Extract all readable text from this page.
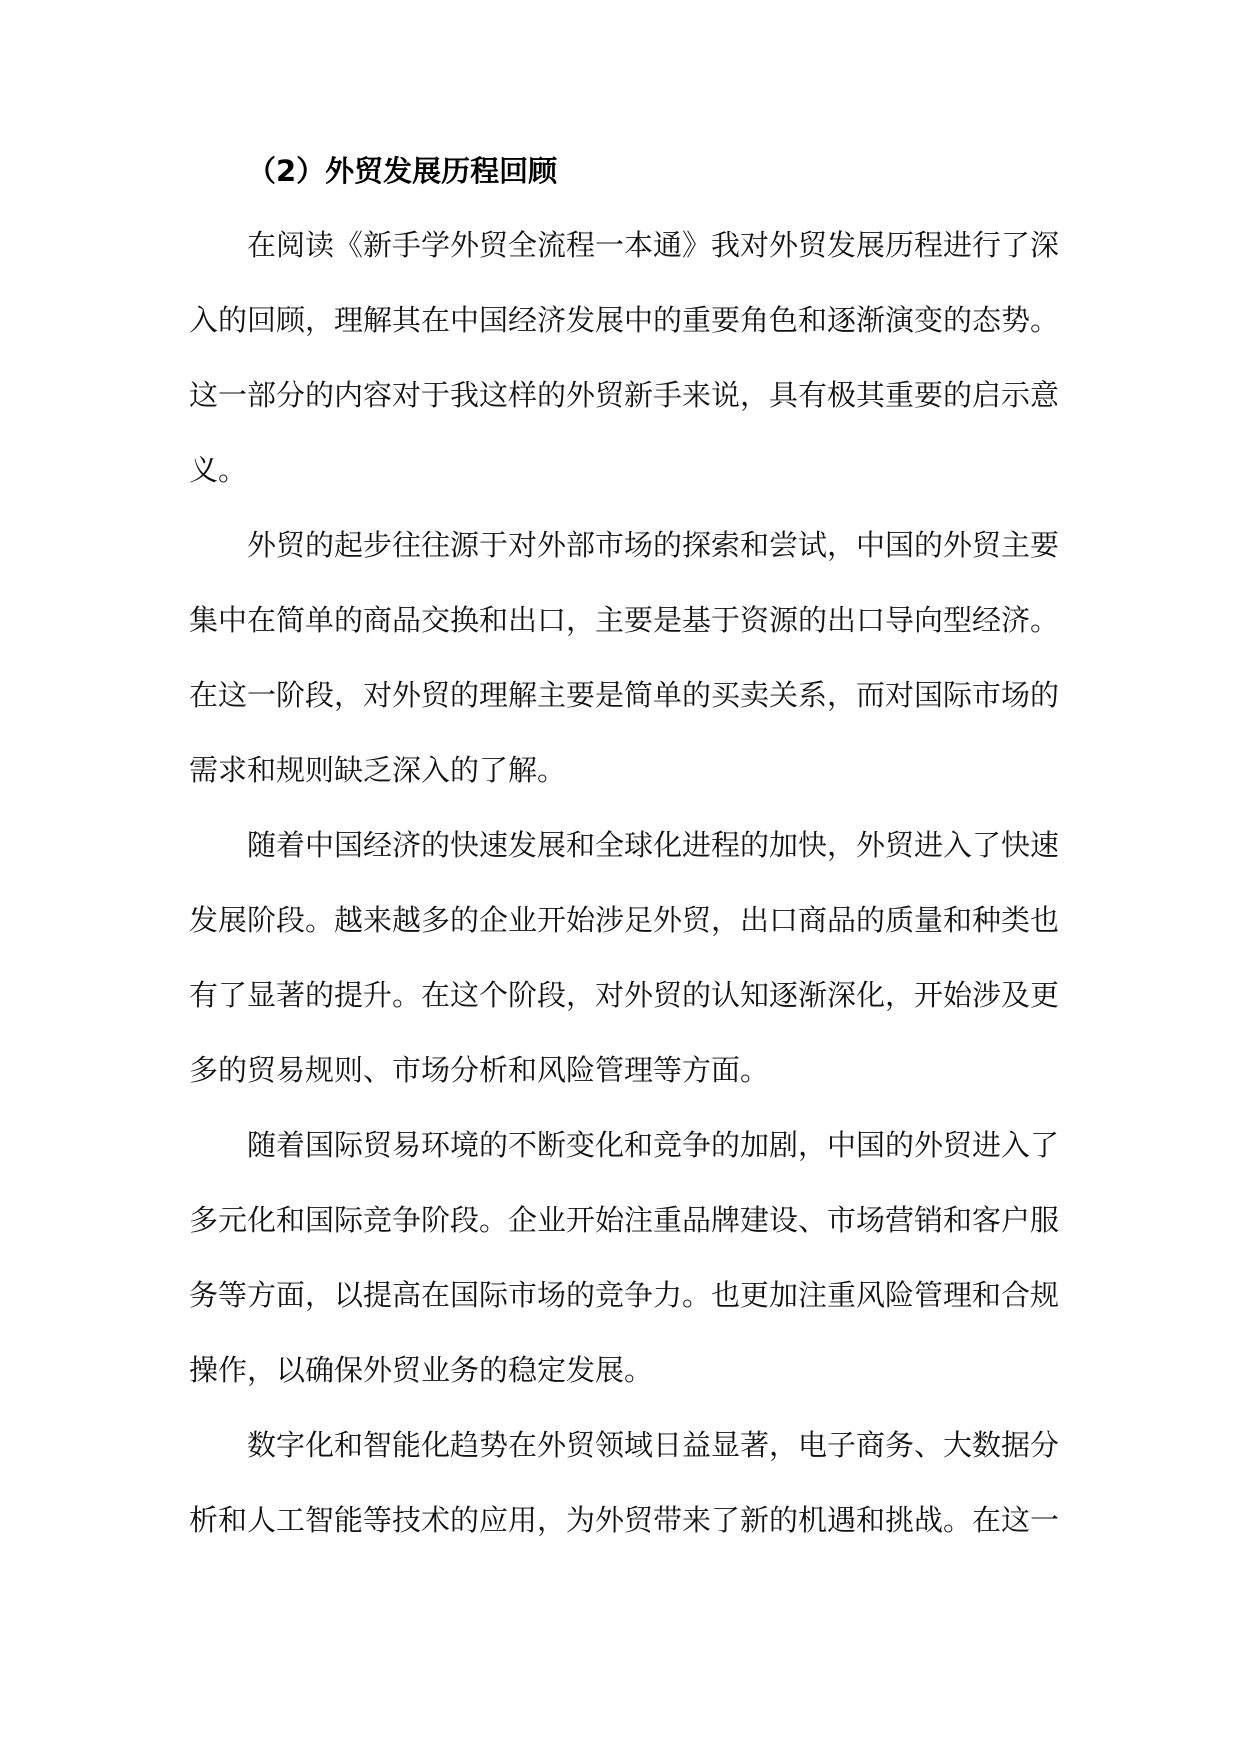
（2）外贸发展历程回顾

在阅读《新手学外贸全流程一本通》我对外贸发展历程进行了深
入的回顾，理解其在中国经济发展中的重要角色和逐渐演变的态势。
这一部分的内容对于我这样的外贸新手来说，具有极其重要的启示意
义。

外贸的起步往往源于对外部市场的探索和尝试，中国的外贸主要
集中在简单的商品交换和出口，主要是基于资源的出口导向型经济。
在这一阶段，对外贸的理解主要是简单的买卖关系，而对国际市场的
需求和规则缺乏深入的了解。

随着中国经济的快速发展和全球化进程的加快，外贸进入了快速
发展阶段。越来越多的企业开始涉足外贸，出口商品的质量和种类也
有了显著的提升。在这个阶段，对外贸的认知逐渐深化，开始涉及更
多的贸易规则、市场分析和风险管理等方面。

随着国际贸易环境的不断变化和竞争的加剧，中国的外贸进入了
多元化和国际竞争阶段。企业开始注重品牌建设、市场营销和客户服
务等方面，以提高在国际市场的竞争力。也更加注重风险管理和合规
操作，以确保外贸业务的稳定发展。

数字化和智能化趋势在外贸领域日益显著，电子商务、大数据分
析和人工智能等技术的应用，为外贸带来了新的机遇和挑战。在这一
